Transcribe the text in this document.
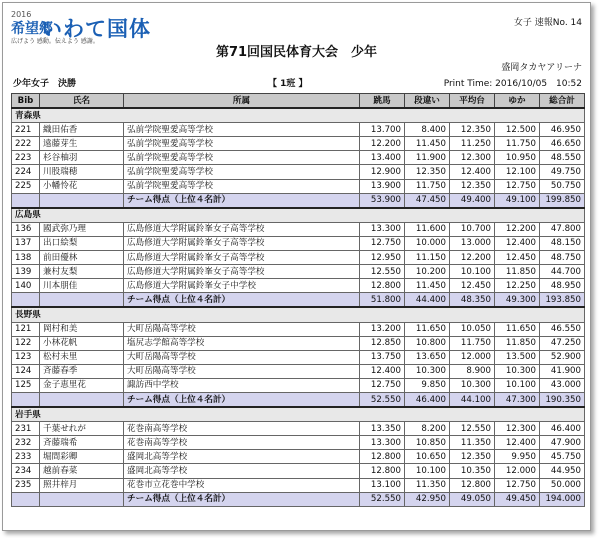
2016
希望郷
いわて国体
広げよう 感動。伝えよう 感謝。
女子 速報No. 14
第71回国民体育大会　少年
盛岡タカヤアリーナ
少年女子　決勝	【 1班 】	Print Time: 2016/10/05　10:52
Bib	氏名	所属	跳馬	段違い	平均台	ゆか	総合計
青森県							
221	織田佑香	弘前学院聖愛高等学校	13.700	8.400	12.350	12.500	46.950
222	遠藤芽生	弘前学院聖愛高等学校	12.200	11.450	11.250	11.750	46.650
223	杉谷柚羽	弘前学院聖愛高等学校	13.400	11.900	12.300	10.950	48.550
224	川股瑞穂	弘前学院聖愛高等学校	12.900	12.350	12.400	12.100	49.750
225	小幡怜花	弘前学院聖愛高等学校	13.900	11.750	12.350	12.750	50.750
		チーム得点（上位４名計）	53.900	47.450	49.400	49.100	199.850
広島県							
136	國武弥乃理	広島修道大学附属鈴峯女子高等学校	13.300	11.600	10.700	12.200	47.800
137	出口絵梨	広島修道大学附属鈴峯女子高等学校	12.750	10.000	13.000	12.400	48.150
138	前田優林	広島修道大学附属鈴峯女子高等学校	12.950	11.150	12.200	12.450	48.750
139	兼村友梨	広島修道大学附属鈴峯女子高等学校	12.550	10.200	10.100	11.850	44.700
140	川本朋佳	広島修道大学附属鈴峯女子中学校	12.800	11.450	12.450	12.250	48.950
		チーム得点（上位４名計）	51.800	44.400	48.350	49.300	193.850
長野県							
121	岡村和美	大町岳陽高等学校	13.200	11.650	10.050	11.650	46.550
122	小林花帆	塩尻志学館高等学校	12.850	10.800	11.750	11.850	47.250
123	松村未里	大町岳陽高等学校	13.750	13.650	12.000	13.500	52.900
124	斉藤春季	大町岳陽高等学校	12.400	10.300	8.900	10.300	41.900
125	金子恵里花	諏訪西中学校	12.750	9.850	10.300	10.100	43.000
		チーム得点（上位４名計）	52.550	46.400	44.100	47.300	190.350
岩手県							
231	千葉せれが	花巻南高等学校	13.350	8.200	12.550	12.300	46.400
232	斉藤瑞希	花巻南高等学校	13.300	10.850	11.350	12.400	47.900
233	堀間彩卿	盛岡北高等学校	12.800	10.650	12.350	9.950	45.750
234	越前春菜	盛岡北高等学校	12.800	10.100	10.350	12.000	44.950
235	照井梓月	花巻市立花巻中学校	13.100	11.350	12.800	12.750	50.000
		チーム得点（上位４名計）	52.550	42.950	49.050	49.450	194.000
